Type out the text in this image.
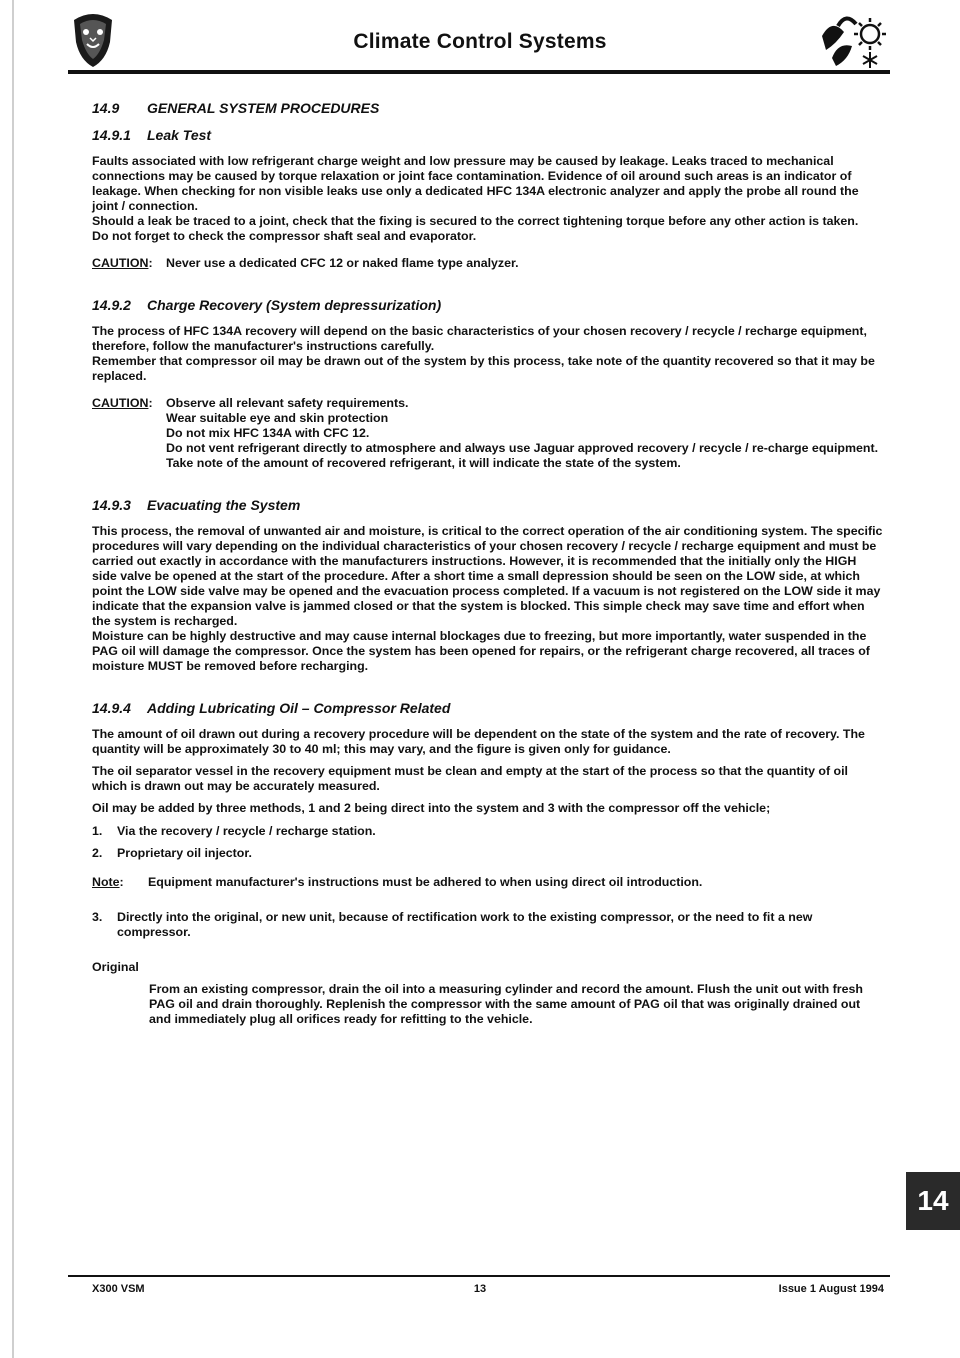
Climate Control Systems
14.9	GENERAL SYSTEM PROCEDURES
14.9.1	Leak Test

Faults associated with low refrigerant charge weight and low pressure may be caused by leakage. Leaks traced to mechanical connections may be caused by torque relaxation or joint face contamination. Evidence of oil around such areas is an indicator of leakage. When checking for non visible leaks use only a dedicated HFC 134A electronic analyzer and apply the probe all round the joint / connection.

Should a leak be traced to a joint, check that the fixing is secured to the correct tightening torque before any other action is taken.

Do not forget to check the compressor shaft seal and evaporator.

CAUTION:	Never use a dedicated CFC 12 or naked flame type analyzer.
14.9.2	Charge Recovery (System depressurization)

The process of HFC 134A recovery will depend on the basic characteristics of your chosen recovery / recycle / recharge equipment, therefore, follow the manufacturer's instructions carefully.

Remember that compressor oil may be drawn out of the system by this process, take note of the quantity recovered so that it may be replaced.

CAUTION:	Observe all relevant safety requirements.
Wear suitable eye and skin protection
Do not mix HFC 134A with CFC 12.
Do not vent refrigerant directly to atmosphere and always use Jaguar approved recovery / recycle / re-charge equipment.
Take note of the amount of recovered refrigerant, it will indicate the state of the system.
14.9.3	Evacuating the System

This process, the removal of unwanted air and moisture, is critical to the correct operation of the air conditioning system. The specific procedures will vary depending on the individual characteristics of your chosen recovery / recycle / recharge equipment and must be carried out exactly in accordance with the manufacturers instructions. However, it is recommended that the initially only the HIGH side valve be opened at the start of the procedure. After a short time a small depression should be seen on the LOW side, at which point the LOW side valve may be opened and the evacuation process completed. If a vacuum is not registered on the LOW side it may indicate that the expansion valve is jammed closed or that the system is blocked. This simple check may save time and effort when the system is recharged.

Moisture can be highly destructive and may cause internal blockages due to freezing, but more importantly, water suspended in the PAG oil will damage the compressor. Once the system has been opened for repairs, or the refrigerant charge recovered, all traces of moisture MUST be removed before recharging.

14.9.4	Adding Lubricating Oil – Compressor Related

The amount of oil drawn out during a recovery procedure will be dependent on the state of the system and the rate of recovery. The quantity will be approximately 30 to 40 ml; this may vary, and the figure is given only for guidance.

The oil separator vessel in the recovery equipment must be clean and empty at the start of the process so that the quantity of oil which is drawn out may be accurately measured.

Oil may be added by three methods, 1 and 2 being direct into the system and 3 with the compressor off the vehicle;

1.	Via the recovery / recycle / recharge station.
2.	Proprietary oil injector.
Note:	Equipment manufacturer's instructions must be adhered to when using direct oil introduction.
3.	Directly into the original, or new unit, because of rectification work to the existing compressor, or the need to fit a new compressor.
Original
From an existing compressor, drain the oil into a measuring cylinder and record the amount. Flush the unit out with fresh PAG oil and drain thoroughly. Replenish the compressor with the same amount of PAG oil that was originally drained out and immediately plug all orifices ready for refitting to the vehicle.
14
X300 VSM	13	Issue 1 August 1994
